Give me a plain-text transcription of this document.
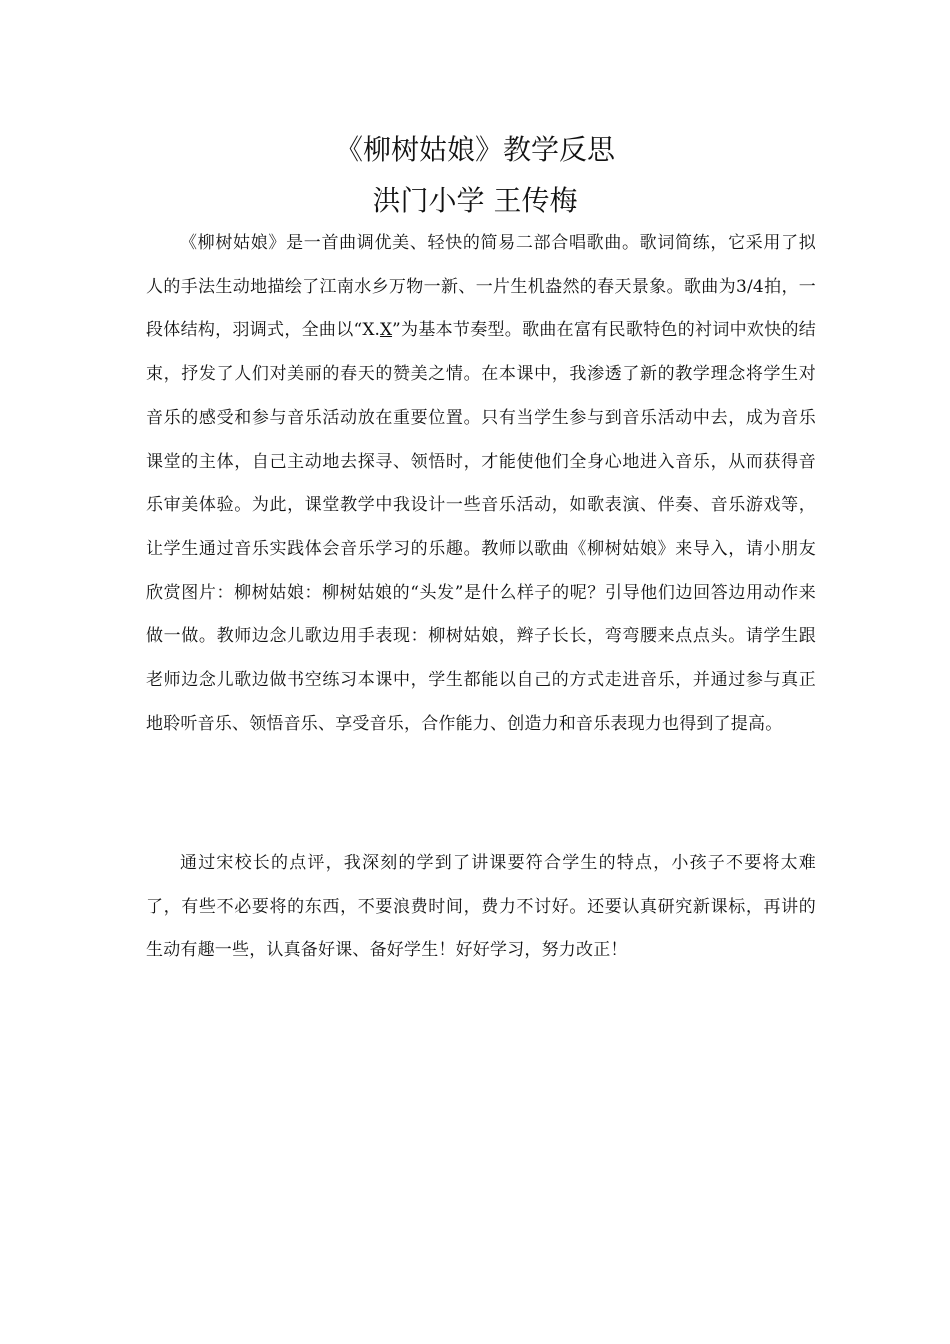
《柳树姑娘》教学反思
洪门小学 王传梅

《柳树姑娘》是一首曲调优美、轻快的简易二部合唱歌曲。歌词简练，它采用了拟人的手法生动地描绘了江南水乡万物一新、一片生机盎然的春天景象。歌曲为3/4拍，一段体结构，羽调式，全曲以“X.X”为基本节奏型。歌曲在富有民歌特色的衬词中欢快的结束，抒发了人们对美丽的春天的赞美之情。在本课中，我渗透了新的教学理念将学生对音乐的感受和参与音乐活动放在重要位置。只有当学生参与到音乐活动中去，成为音乐课堂的主体，自己主动地去探寻、领悟时，才能使他们全身心地进入音乐，从而获得音乐审美体验。为此，课堂教学中我设计一些音乐活动，如歌表演、伴奏、音乐游戏等，让学生通过音乐实践体会音乐学习的乐趣。教师以歌曲《柳树姑娘》来导入，请小朋友欣赏图片：柳树姑娘：柳树姑娘的“头发”是什么样子的呢？引导他们边回答边用动作来做一做。教师边念儿歌边用手表现：柳树姑娘，辫子长长，弯弯腰来点点头。请学生跟老师边念儿歌边做书空练习本课中，学生都能以自己的方式走进音乐，并通过参与真正地聆听音乐、领悟音乐、享受音乐，合作能力、创造力和音乐表现力也得到了提高。

通过宋校长的点评，我深刻的学到了讲课要符合学生的特点，小孩子不要将太难了，有些不必要将的东西，不要浪费时间，费力不讨好。还要认真研究新课标，再讲的生动有趣一些，认真备好课、备好学生！好好学习，努力改正！
